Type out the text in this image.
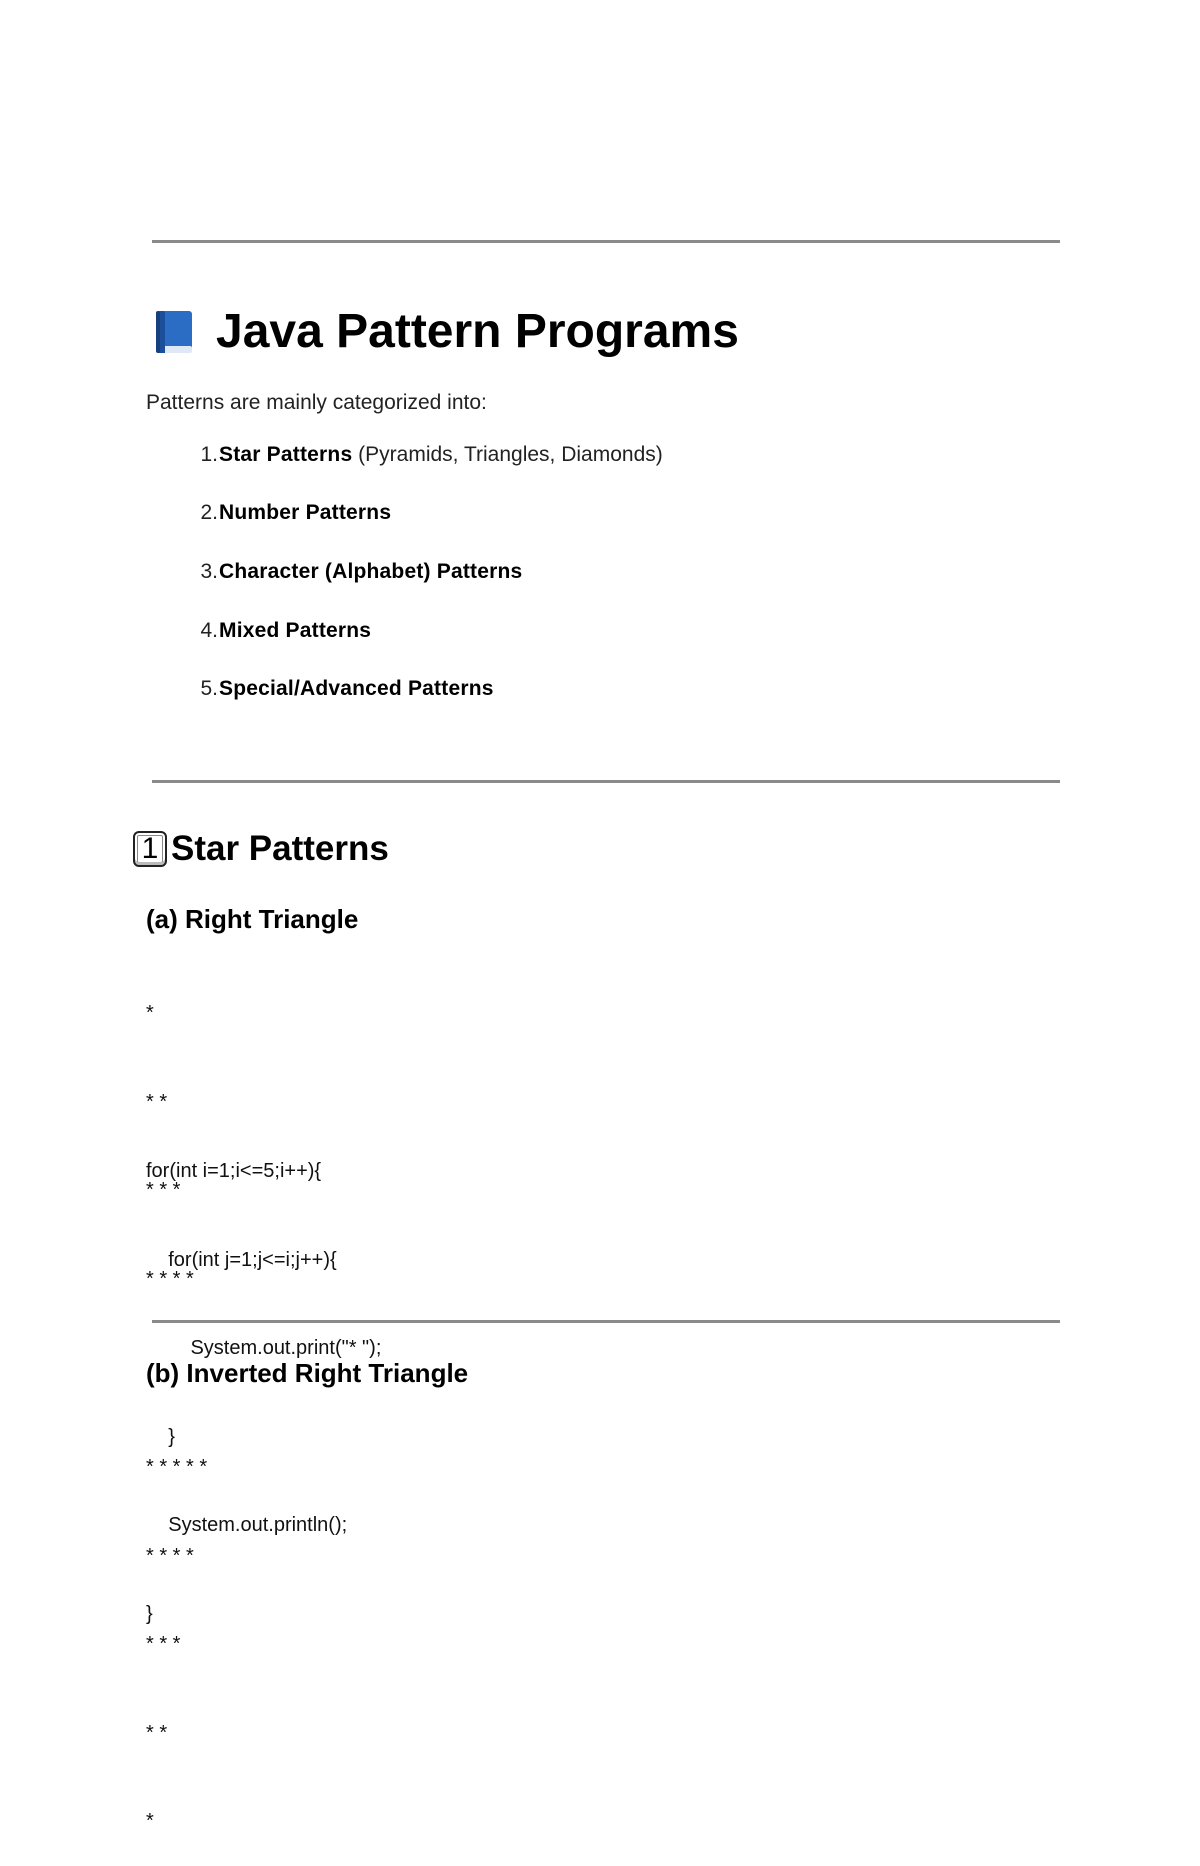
Java Pattern Programs
Patterns are mainly categorized into:
1. Star Patterns (Pyramids, Triangles, Diamonds)
2. Number Patterns
3. Character (Alphabet) Patterns
4. Mixed Patterns
5. Special/Advanced Patterns
1 Star Patterns
(a) Right Triangle

*

* *

* * *

* * * *

for(int i=1;i<=5;i++){

for(int j=1;j<=i;j++){

System.out.print("* ");

}

System.out.println();

}

(b) Inverted Right Triangle

* * * * *

* * * *

* * *

* *

*
